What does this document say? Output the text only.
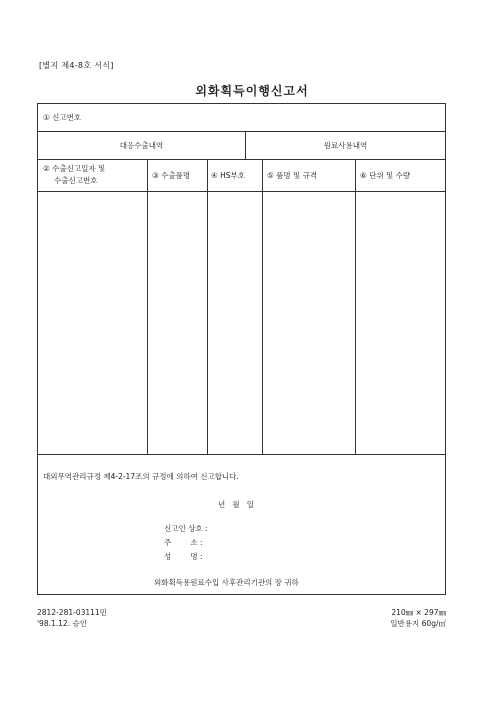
[별지 제4-8호 서식]
외화획득이행신고서
① 신고번호
대응수출내역	원료사용내역
② 수출신고일자 및
수출신고번호
③ 수출품명	④ HS부호	⑤ 품명 및 규격	⑥ 단위 및 수량
대외무역관리규정 제4-2-17조의 규정에 의하여 신고합니다.
년   월   일
신고인 상호 :
주        소 :
성        명 :
외화획득용원료수입 사후관리기관의 장 귀하
2812-281-03111민
'98.1.12. 승인
210㎜ × 297㎜
일반용지 60g/㎡
